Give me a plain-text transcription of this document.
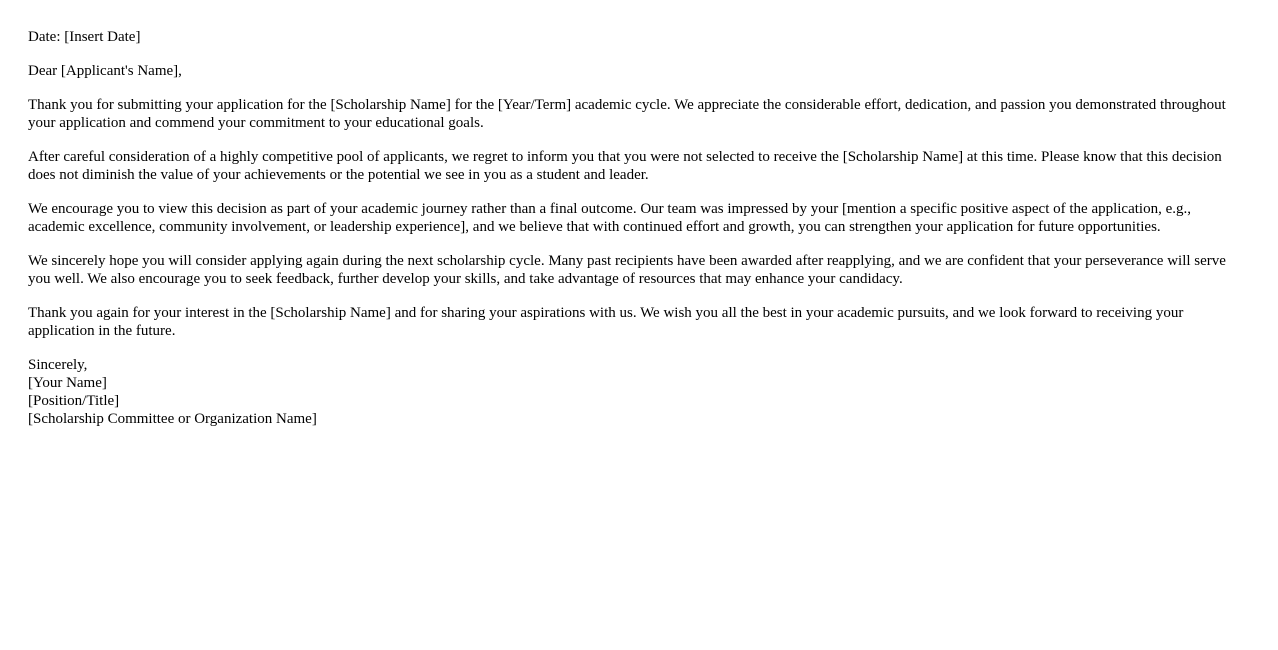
Date: [Insert Date]

Dear [Applicant's Name],

Thank you for submitting your application for the [Scholarship Name] for the [Year/Term] academic cycle. We appreciate the considerable effort, dedication, and passion you demonstrated throughout your application and commend your commitment to your educational goals.

After careful consideration of a highly competitive pool of applicants, we regret to inform you that you were not selected to receive the [Scholarship Name] at this time. Please know that this decision does not diminish the value of your achievements or the potential we see in you as a student and leader.

We encourage you to view this decision as part of your academic journey rather than a final outcome. Our team was impressed by your [mention a specific positive aspect of the application, e.g., academic excellence, community involvement, or leadership experience], and we believe that with continued effort and growth, you can strengthen your application for future opportunities.

We sincerely hope you will consider applying again during the next scholarship cycle. Many past recipients have been awarded after reapplying, and we are confident that your perseverance will serve you well. We also encourage you to seek feedback, further develop your skills, and take advantage of resources that may enhance your candidacy.

Thank you again for your interest in the [Scholarship Name] and for sharing your aspirations with us. We wish you all the best in your academic pursuits, and we look forward to receiving your application in the future.

Sincerely,

[Your Name]

[Position/Title]

[Scholarship Committee or Organization Name]
